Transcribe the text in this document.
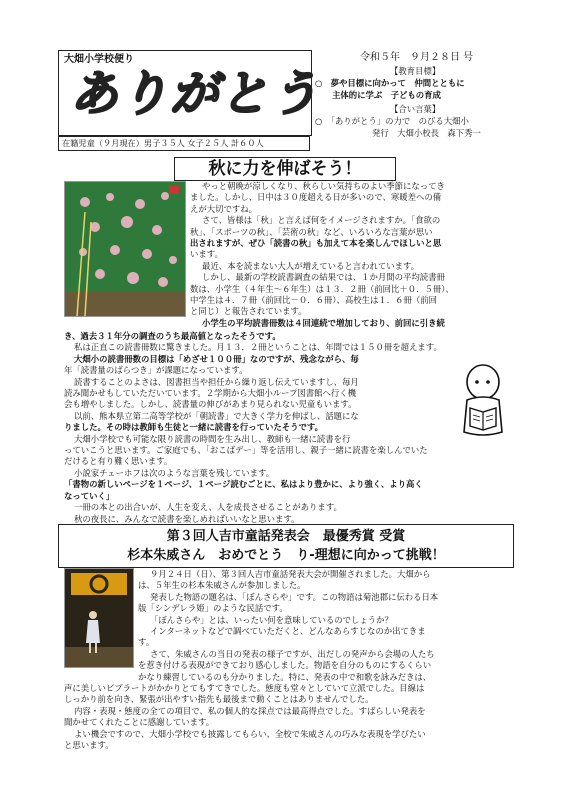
大畑小学校便り
ありがとう
在籍児童（９月現在）男子３５人 女子２５人 計６０人
令和５年　９月２８日 号
【教育目標】
○　夢や目標に向かって　仲間とともに
主体的に学ぶ　子どもの育成
【合い言葉】
○　「ありがとう」の力で　のびる大畑小
発行　大畑小校長　森下秀一
秋に力を伸ばそう！
やっと朝晩が涼しくなり、秋らしい気持ちのよい季節になってき
ました。しかし、日中は３０度超える日が多いので、寒暖差への備
えが大切ですね。
さて、皆様は「秋」と言えば何をイメージされますか。「食欲の
秋」、「スポーツの秋」、「芸術の秋」など、いろいろな言葉が思い
出されますが、ぜひ「読書の秋」も加えて本を楽しんでほしいと思
います。
最近、本を読まない大人が増えていると言われています。
しかし、最新の学校読書調査の結果では、１か月間の平均読書冊
数は、小学生（４年生～６年生）は１３．２冊（前回比＋０．５冊）、
中学生は４．７冊（前回比－０．６冊）、高校生は１．６冊（前回
と同じ）と報告されています。
小学生の平均読書冊数は４回連続で増加しており、前回に引き続
き、過去３１年分の調査のうち最高値となったそうです。
私は正直この読書冊数に驚きました。月１３．２冊ということは、年間では１５０冊を超えます。
大畑小の読書冊数の目標は「めざせ１００冊」なのですが、残念ながら、毎
年「読書量のばらつき」が課題になっています。
読書することのよさは、図書担当や担任から繰り返し伝えていますし、毎月
読み聞かせもしていただいています。２学期から大畑小ループ図書館へ行く機
会も増やしました。しかし、読書量の伸びがあまり見られない児童もいます。
以前、熊本県立第二高等学校が「朝読書」で大きく学力を伸ばし、話題にな
りました。その時は教師も生徒と一緒に読書を行っていたそうです。
大畑小学校でも可能な限り読書の時間を生み出し、教師も一緒に読書を行
っていこうと思います。ご家庭でも、「おこばデー」等を活用し、親子一緒に読書を楽しんでいた
だけると有り難く思います。
小説家チェーホフは次のような言葉を残しています。
「書物の新しいページを１ページ、１ページ読むごとに、私はより豊かに、より強く、より高く
なっていく」
一冊の本との出合いが、人生を変え、人を成長させることがあります。
秋の夜長に、みんなで読書を楽しめればいいなと思います。
第３回人吉市童話発表会　最優秀賞 受賞
杉本朱威さん　おめでとう　り-理想に向かって挑戦！
９月２４日（日）、第３回人吉市童話発表大会が開催されました。大畑から
は、５年生の杉本朱威さんが参加しました。
発表した物語の題名は、「ぼんさらや」です。この物語は菊池郡に伝わる日本
版「シンデレラ姫」のような民話です。
「ぼんさらや」とは、いったい何を意味しているのでしょうか？
インターネットなどで調べていただくと、どんなあらすじなのか出てきま
す。
さて、朱威さんの当日の発表の様子ですが、出だしの発声から会場の人たち
を惹き付ける表現ができており感心しました。物語を自分のものにするくらい
かなり練習しているのも分かりました。特に、発表の中で和歌を詠みだきは、
声に美しいビブラートがかかりとてもすてきでした。態度も堂々としていて立派でした。目線は
しっかり前を向き、緊張が出やすい指先も最後まで動くことはありませんでした。
内容・表現・態度の全ての項目で、私の個人的な採点では最高得点でした。すばらしい発表を
聞かせてくれたことに感謝しています。
よい機会ですので、大畑小学校でも披露してもらい、全校で朱威さんの巧みな表現を学びたい
と思います。
